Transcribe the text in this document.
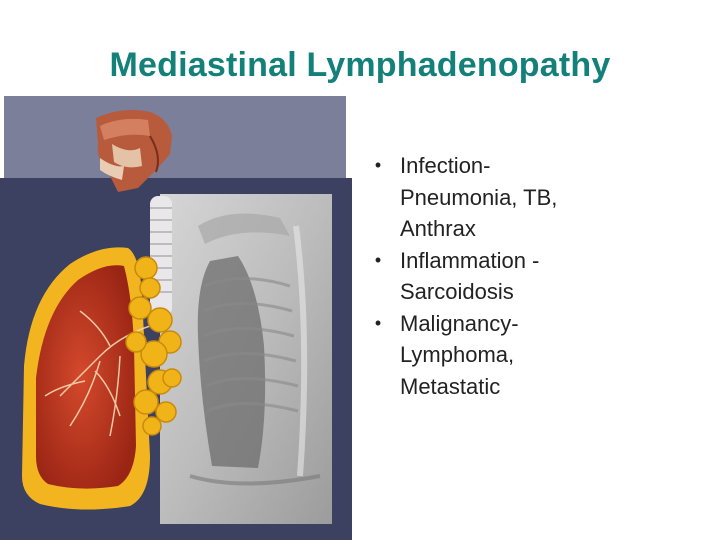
Mediastinal Lymphadenopathy
• Infection-
Pneumonia, TB,
Anthrax
• Inflammation -
Sarcoidosis
• Malignancy-
Lymphoma,
Metastatic
